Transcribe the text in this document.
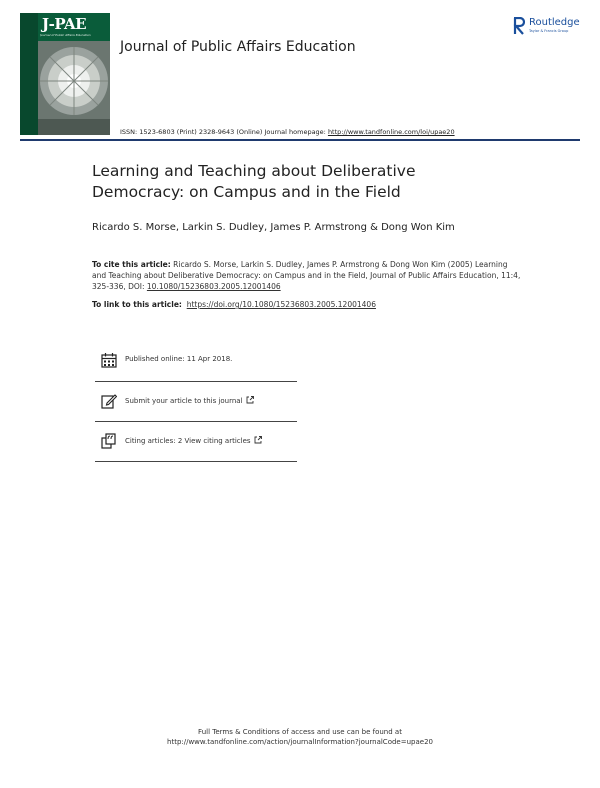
J-PAE
Journal of Public Affairs Education
Journal of Public Affairs Education
Routledge
Taylor & Francis Group
ISSN: 1523-6803 (Print) 2328-9643 (Online) Journal homepage: http://www.tandfonline.com/loi/upae20
Learning and Teaching about Deliberative Democracy: on Campus and in the Field
Ricardo S. Morse, Larkin S. Dudley, James P. Armstrong & Dong Won Kim
To cite this article: Ricardo S. Morse, Larkin S. Dudley, James P. Armstrong & Dong Won Kim (2005) Learning and Teaching about Deliberative Democracy: on Campus and in the Field, Journal of Public Affairs Education, 11:4, 325-336, DOI: 10.1080/15236803.2005.12001406
To link to this article: https://doi.org/10.1080/15236803.2005.12001406
Published online: 11 Apr 2018.
Submit your article to this journal
Citing articles: 2 View citing articles
Full Terms & Conditions of access and use can be found at
http://www.tandfonline.com/action/journalInformation?journalCode=upae20
